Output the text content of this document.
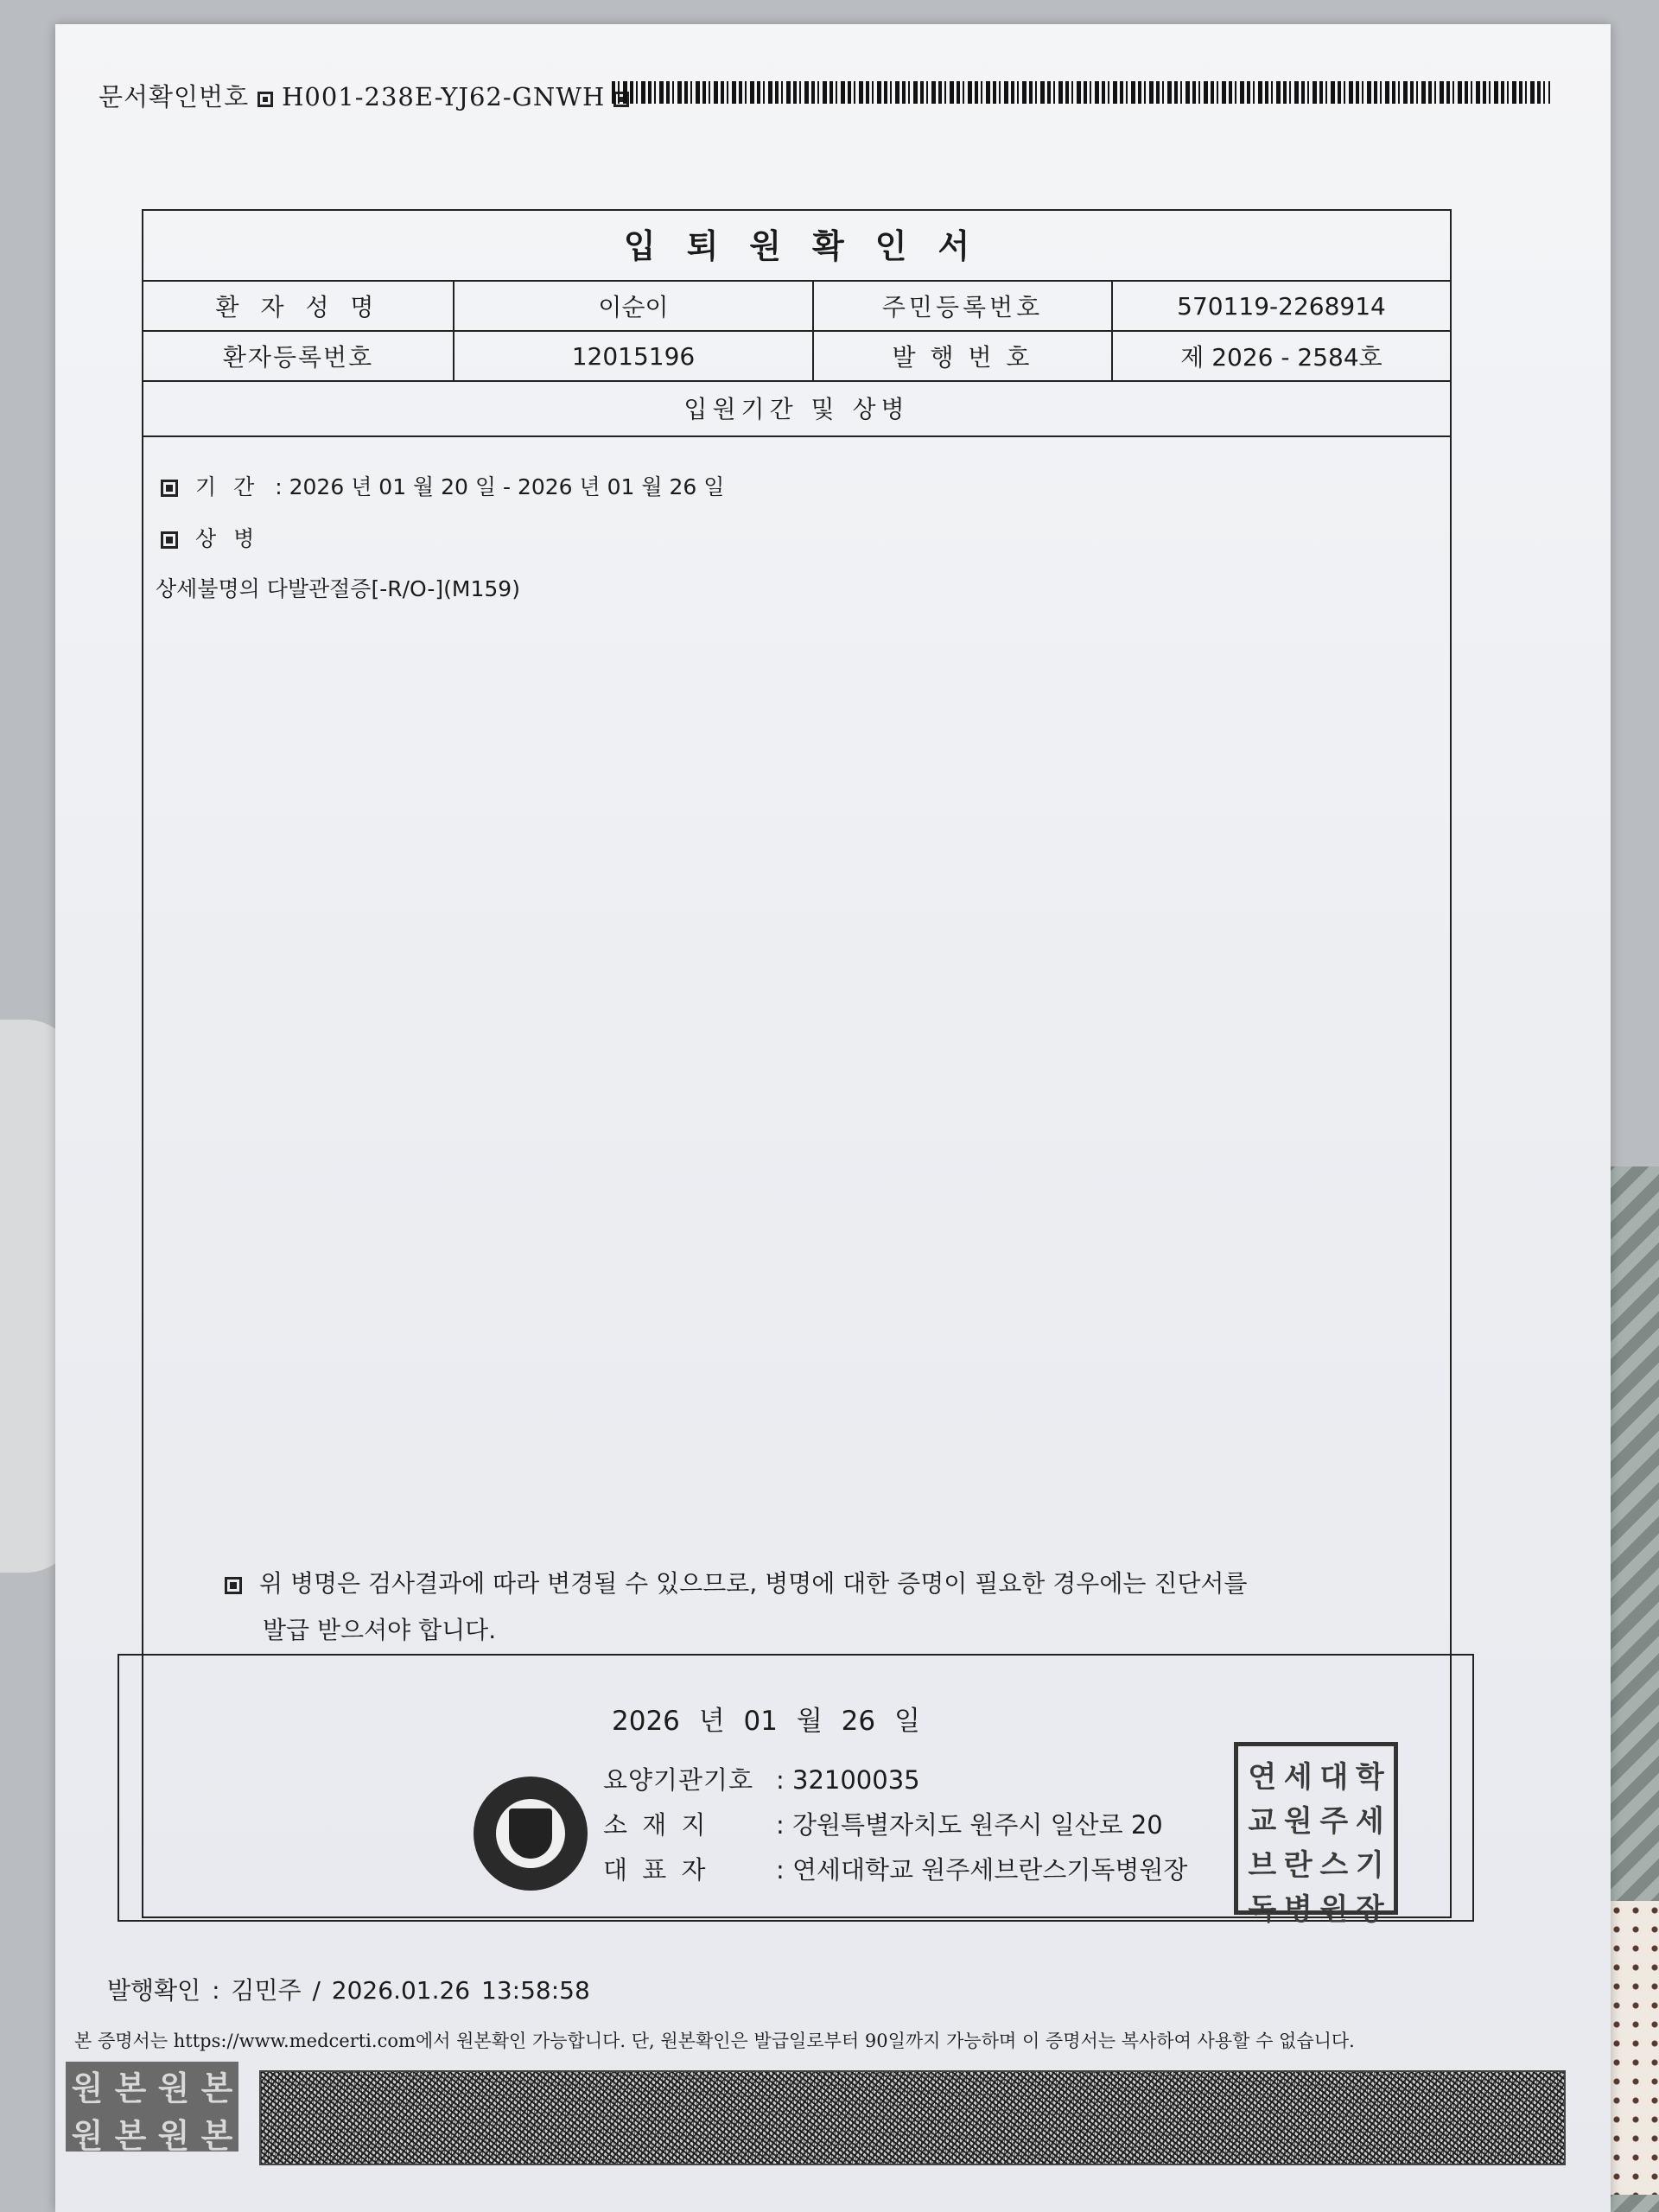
문서확인번호 H001-238E-YJ62-GNWH
입퇴원확인서
환 자 성 명	이순이	주민등록번호	570119-2268914
환자등록번호	12015196	발 행 번 호	제 2026 - 2584호
입원기간 및 상병
기 간 : 2026 년 01 월 20 일 - 2026 년 01 월 26 일
상 병
상세불명의 다발관절증[-R/O-](M159)
위 병명은 검사결과에 따라 변경될 수 있으므로, 병명에 대한 증명이 필요한 경우에는 진단서를
발급 받으셔야 합니다.
2026 년 01 월 26 일
요양기관기호 : 32100035
소 재 지	: 강원특별자치도 원주시 일산로 20
대 표 자	: 연세대학교 원주세브란스기독병원장
연 세 대 학
교 원 주 세
브 란 스 기
독 병 원 장
발행확인 : 김민주 / 2026.01.26 13:58:58
본 증명서는 https://www.medcerti.com에서 원본확인 가능합니다. 단, 원본확인은 발급일로부터 90일까지 가능하며 이 증명서는 복사하여 사용할 수 없습니다.
원 본 원 본
원 본 원 본
